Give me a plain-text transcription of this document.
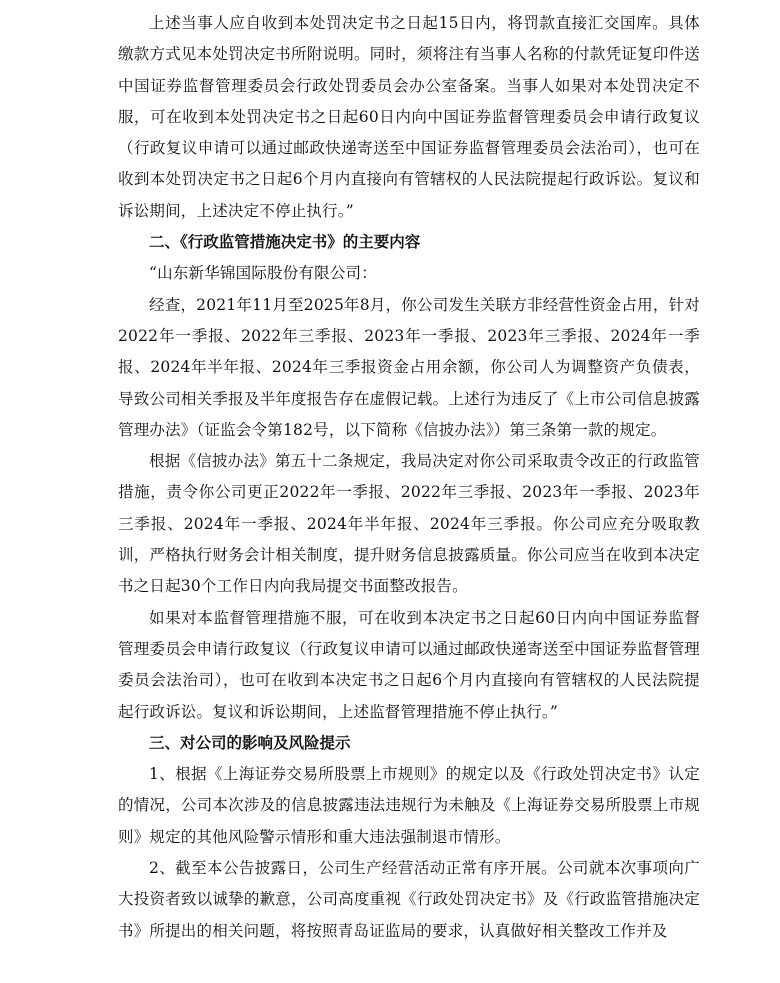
上述当事人应自收到本处罚决定书之日起15日内，将罚款直接汇交国库。具体缴款方式见本处罚决定书所附说明。同时，须将注有当事人名称的付款凭证复印件送中国证券监督管理委员会行政处罚委员会办公室备案。当事人如果对本处罚决定不服，可在收到本处罚决定书之日起60日内向中国证券监督管理委员会申请行政复议（行政复议申请可以通过邮政快递寄送至中国证券监督管理委员会法治司），也可在收到本处罚决定书之日起6个月内直接向有管辖权的人民法院提起行政诉讼。复议和诉讼期间，上述决定不停止执行。”

二、《行政监管措施决定书》的主要内容

“山东新华锦国际股份有限公司：

经查，2021年11月至2025年8月，你公司发生关联方非经营性资金占用，针对2022年一季报、2022年三季报、2023年一季报、2023年三季报、2024年一季报、2024年半年报、2024年三季报资金占用余额，你公司人为调整资产负债表，导致公司相关季报及半年度报告存在虚假记载。上述行为违反了《上市公司信息披露管理办法》（证监会令第182号，以下简称《信披办法》）第三条第一款的规定。

根据《信披办法》第五十二条规定，我局决定对你公司采取责令改正的行政监管措施，责令你公司更正2022年一季报、2022年三季报、2023年一季报、2023年三季报、2024年一季报、2024年半年报、2024年三季报。你公司应充分吸取教训，严格执行财务会计相关制度，提升财务信息披露质量。你公司应当在收到本决定书之日起30个工作日内向我局提交书面整改报告。

如果对本监督管理措施不服，可在收到本决定书之日起60日内向中国证券监督管理委员会申请行政复议（行政复议申请可以通过邮政快递寄送至中国证券监督管理委员会法治司），也可在收到本决定书之日起6个月内直接向有管辖权的人民法院提起行政诉讼。复议和诉讼期间，上述监督管理措施不停止执行。”

三、对公司的影响及风险提示

1、根据《上海证券交易所股票上市规则》的规定以及《行政处罚决定书》认定的情况，公司本次涉及的信息披露违法违规行为未触及《上海证券交易所股票上市规则》规定的其他风险警示情形和重大违法强制退市情形。

2、截至本公告披露日，公司生产经营活动正常有序开展。公司就本次事项向广大投资者致以诚挚的歉意，公司高度重视《行政处罚决定书》及《行政监管措施决定书》所提出的相关问题，将按照青岛证监局的要求，认真做好相关整改工作并及
